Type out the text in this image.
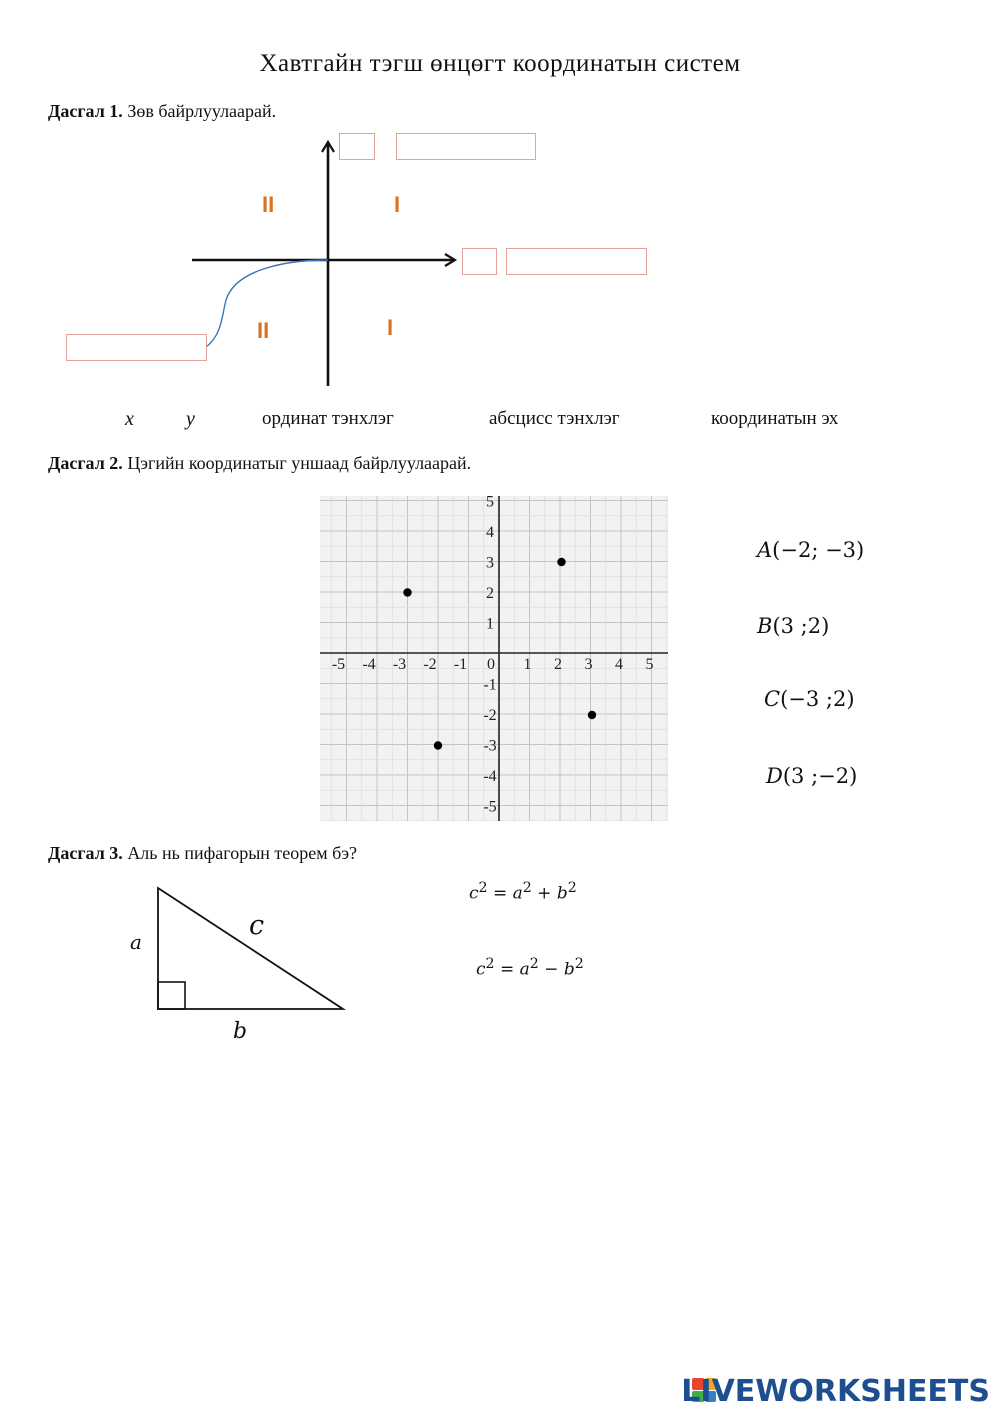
Хавтгайн тэгш өнцөгт координатын систем
Дасгал 1. Зөв байрлуулаарай.
II	I
II	I
x	y	ординат тэнхлэг	абсцисс тэнхлэг	координатын эх
Дасгал 2. Цэгийн координатыг уншаад байрлуулаарай.
-5 -4 -3 -2 -1 0 1 2 3 4 5
5
4
3
2
1
-1
-2
-3
-4
-5
A(−2; −3)
B(3 ;2)
C(−3 ;2)
D(3 ;−2)
Дасгал 3. Аль нь пифагорын теорем бэ?
a
c
b
$c^2 = a^2 + b^2$
$c^2 = a^2 - b^2$
LIVEWORKSHEETS
